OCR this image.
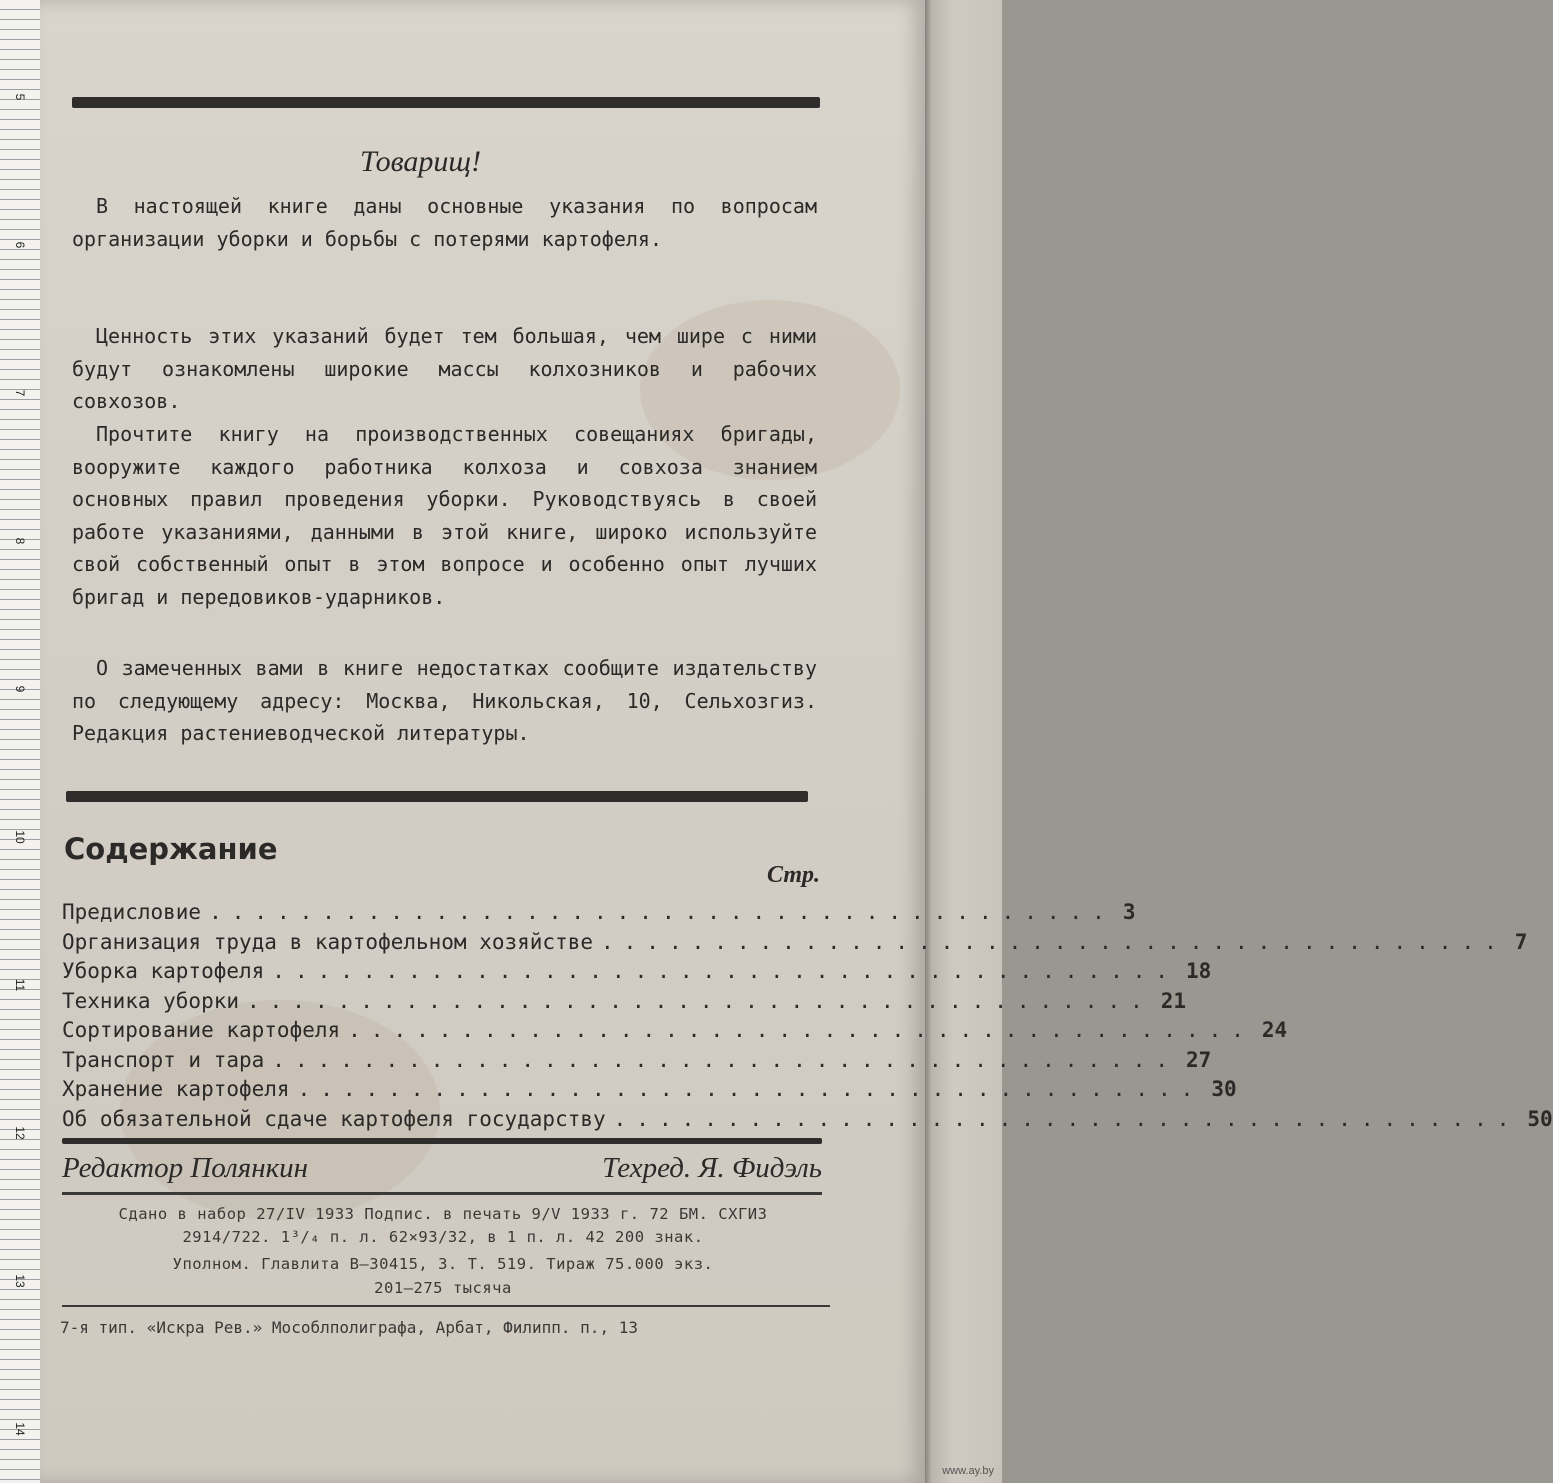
5
6
7
8
9
10
11
12
13
14
Товарищ!

В настоящей книге даны основные указания по вопросам организации уборки и борьбы с потерями картофеля.

Ценность этих указаний будет тем большая, чем шире с ними будут ознакомлены широкие массы колхозников и рабочих совхозов.

Прочтите книгу на производственных совещаниях бригады, вооружите каждого работника колхоза и совхоза знанием основных правил проведения уборки. Руководствуясь в своей работе указаниями, данными в этой книге, широко используйте свой собственный опыт в этом вопросе и особенно опыт лучших бригад и передовиков-ударников.

О замеченных вами в книге недостатках сообщите издательству по следующему адресу: Москва, Никольская, 10, Сельхозгиз. Редакция растениеводческой литературы.

Содержание
Стр.
Предисловие ........................................ 3
Организация труда в картофельном хозяйстве ........................................ 7
Уборка картофеля ........................................ 18
Техника уборки ........................................ 21
Сортирование картофеля ........................................ 24
Транспорт и тара ........................................ 27
Хранение картофеля ........................................ 30
Об обязательной сдаче картофеля государству ........................................ 50
Редактор Полянкин	Техред. Я. Фидэль
Сдано в набор 27/IV 1933 Подпис. в печать 9/V 1933 г. 72 БМ. СХГИЗ
2914/722. 1³/₄ п. л. 62×93/32, в 1 п. л. 42 200 знак.
Уполном. Главлита В—30415, З. Т. 519. Тираж 75.000 экз.
201—275 тысяча
7-я тип. «Искра Рев.» Мособлполиграфа, Арбат, Филипп. п., 13
www.ay.by
